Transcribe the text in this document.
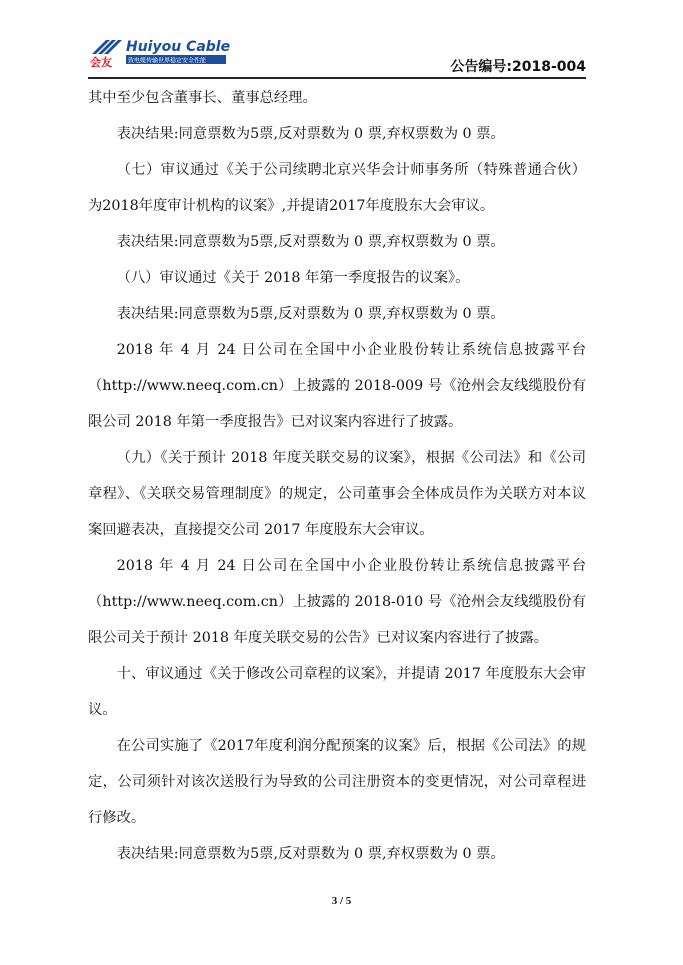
会友
Huiyou Cable
致电缆传输世界稳定安全性能	公告编号:2018-004

其中至少包含董事长、董事总经理。

表决结果:同意票数为5票,反对票数为 0 票,弃权票数为 0 票。

（七）审议通过《关于公司续聘北京兴华会计师事务所（特殊普通合伙）为2018年度审计机构的议案》,并提请2017年度股东大会审议。

表决结果:同意票数为5票,反对票数为 0 票,弃权票数为 0 票。

（八）审议通过《关于 2018 年第一季度报告的议案》。

表决结果:同意票数为5票,反对票数为 0 票,弃权票数为 0 票。

2018 年 4 月 24 日公司在全国中小企业股份转让系统信息披露平台（http://www.neeq.com.cn）上披露的 2018-009 号《沧州会友线缆股份有限公司 2018 年第一季度报告》已对议案内容进行了披露。

（九）《关于预计 2018 年度关联交易的议案》，根据《公司法》和《公司章程》、《关联交易管理制度》的规定，公司董事会全体成员作为关联方对本议案回避表决，直接提交公司 2017 年度股东大会审议。

2018 年 4 月 24 日公司在全国中小企业股份转让系统信息披露平台（http://www.neeq.com.cn）上披露的 2018-010 号《沧州会友线缆股份有限公司关于预计 2018 年度关联交易的公告》已对议案内容进行了披露。

十、审议通过《关于修改公司章程的议案》，并提请 2017 年度股东大会审议。

在公司实施了《2017年度利润分配预案的议案》后，根据《公司法》的规定，公司须针对该次送股行为导致的公司注册资本的变更情况，对公司章程进行修改。

表决结果:同意票数为5票,反对票数为 0 票,弃权票数为 0 票。

3 / 5
